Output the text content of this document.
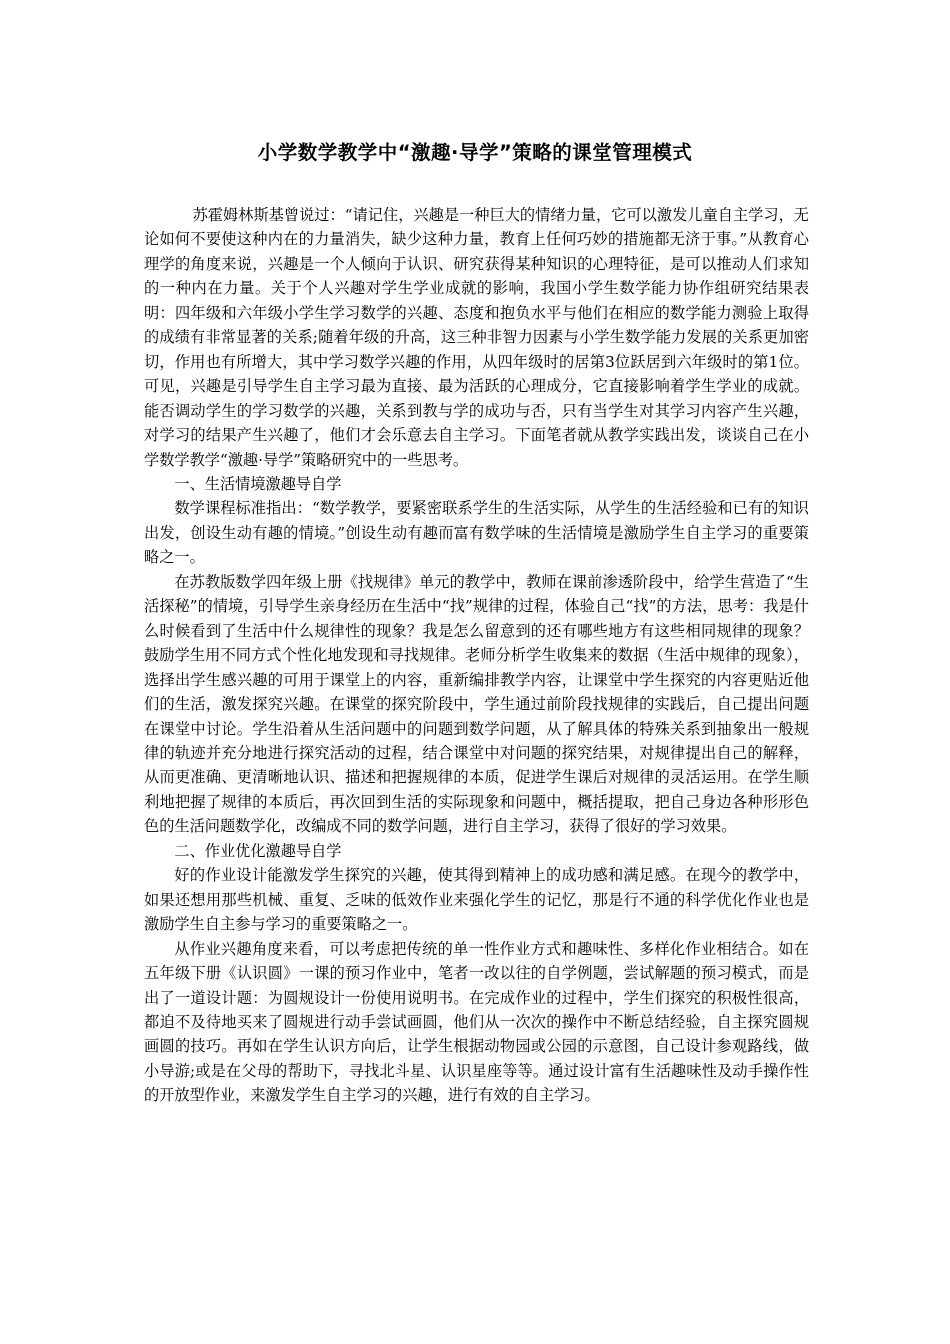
小学数学教学中“激趣·导学”策略的课堂管理模式

苏霍姆林斯基曾说过：“请记住，兴趣是一种巨大的情绪力量，它可以激发儿童自主学习，无论如何不要使这种内在的力量消失，缺少这种力量，教育上任何巧妙的措施都无济于事。”从教育心理学的角度来说，兴趣是一个人倾向于认识、研究获得某种知识的心理特征，是可以推动人们求知的一种内在力量。关于个人兴趣对学生学业成就的影响，我国小学生数学能力协作组研究结果表明：四年级和六年级小学生学习数学的兴趣、态度和抱负水平与他们在相应的数学能力测验上取得的成绩有非常显著的关系;随着年级的升高，这三种非智力因素与小学生数学能力发展的关系更加密切，作用也有所增大，其中学习数学兴趣的作用，从四年级时的居第3位跃居到六年级时的第1位。可见，兴趣是引导学生自主学习最为直接、最为活跃的心理成分，它直接影响着学生学业的成就。能否调动学生的学习数学的兴趣，关系到教与学的成功与否，只有当学生对其学习内容产生兴趣，对学习的结果产生兴趣了，他们才会乐意去自主学习。下面笔者就从教学实践出发，谈谈自己在小学数学教学“激趣·导学”策略研究中的一些思考。

一、生活情境激趣导自学

数学课程标准指出：“数学教学，要紧密联系学生的生活实际，从学生的生活经验和已有的知识出发，创设生动有趣的情境。”创设生动有趣而富有数学味的生活情境是激励学生自主学习的重要策略之一。

在苏教版数学四年级上册《找规律》单元的教学中，教师在课前渗透阶段中，给学生营造了“生活探秘”的情境，引导学生亲身经历在生活中“找”规律的过程，体验自己“找”的方法，思考：我是什么时候看到了生活中什么规律性的现象？我是怎么留意到的还有哪些地方有这些相同规律的现象？鼓励学生用不同方式个性化地发现和寻找规律。老师分析学生收集来的数据（生活中规律的现象），选择出学生感兴趣的可用于课堂上的内容，重新编排教学内容，让课堂中学生探究的内容更贴近他们的生活，激发探究兴趣。在课堂的探究阶段中，学生通过前阶段找规律的实践后，自己提出问题在课堂中讨论。学生沿着从生活问题中的问题到数学问题，从了解具体的特殊关系到抽象出一般规律的轨迹并充分地进行探究活动的过程，结合课堂中对问题的探究结果，对规律提出自己的解释，从而更准确、更清晰地认识、描述和把握规律的本质，促进学生课后对规律的灵活运用。在学生顺利地把握了规律的本质后，再次回到生活的实际现象和问题中，概括提取，把自己身边各种形形色色的生活问题数学化，改编成不同的数学问题，进行自主学习，获得了很好的学习效果。

二、作业优化激趣导自学

好的作业设计能激发学生探究的兴趣，使其得到精神上的成功感和满足感。在现今的教学中，如果还想用那些机械、重复、乏味的低效作业来强化学生的记忆，那是行不通的科学优化作业也是激励学生自主参与学习的重要策略之一。

从作业兴趣角度来看，可以考虑把传统的单一性作业方式和趣味性、多样化作业相结合。如在五年级下册《认识圆》一课的预习作业中，笔者一改以往的自学例题，尝试解题的预习模式，而是出了一道设计题：为圆规设计一份使用说明书。在完成作业的过程中，学生们探究的积极性很高，都迫不及待地买来了圆规进行动手尝试画圆，他们从一次次的操作中不断总结经验，自主探究圆规画圆的技巧。再如在学生认识方向后，让学生根据动物园或公园的示意图，自己设计参观路线，做小导游;或是在父母的帮助下，寻找北斗星、认识星座等等。通过设计富有生活趣味性及动手操作性的开放型作业，来激发学生自主学习的兴趣，进行有效的自主学习。
